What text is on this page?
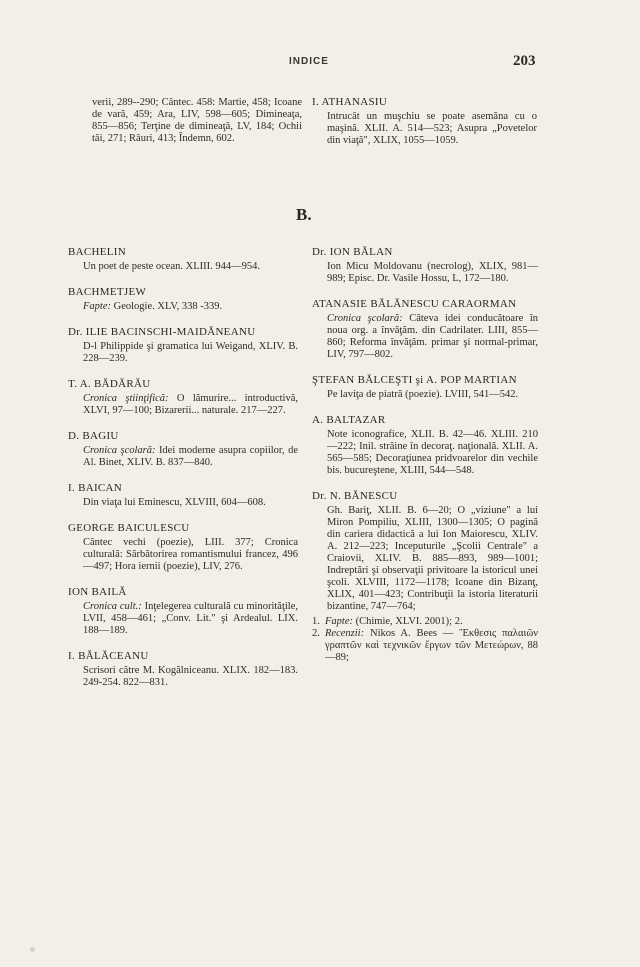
INDICE	203
verii, 289--290; Cântec. 458: Martie, 458; Icoane de vară, 459; Ara, LIV, 598—605; Dimineaţa, 855—856; Terţine de dimineaţă, LV, 184; Ochii tăi, 271; Râuri, 413; Îndemn, 602.
I. ATHANASIU
Intrucât un muşchiu se poate asemăna cu o maşină. XLII. A. 514—523; Asupra „Povetelor din viaţă", XLIX, 1055—1059.
B.
BACHELIN
Un poet de peste ocean. XLIII. 944—954.
BACHMETJEW
Fapte: Geologie. XLV, 338 -339.
Dr. ILIE BACINSCHI-MAIDĂNEANU
D-l Philippide şi gramatica lui Weigand, XLIV. B. 228—239.
T. A. BĂDĂRĂU
Cronica ştiinţifică: O lămurire... introductivă, XLVI, 97—100; Bizarerii... naturale. 217—227.
D. BAGIU
Cronica şcolară: Idei moderne asupra copiilor, de Al. Binet, XLIV. B. 837—840.
I. BAICAN
Din viaţa lui Eminescu, XLVIII, 604—608.
GEORGE BAICULESCU
Cântec vechi (poezie), LIII. 377; Cronica culturală: Sărbătorirea romantismului francez, 496—497; Hora iernii (poezie), LIV, 276.
ION BAILĂ
Cronica cult.: Inţelegerea culturală cu minorităţile, LVII, 458—461; „Conv. Lit." şi Ardealul. LIX. 188—189.
I. BĂLĂCEANU
Scrisori către M. Kogălniceanu. XLIX. 182—183. 249-254. 822—831.
Dr. ION BĂLAN
Ion Micu Moldovanu (necrolog), XLIX, 981—989; Episc. Dr. Vasile Hossu, L, 172—180.
ATANASIE BĂLĂNESCU CARAORMAN
Cronica şcolară: Câteva idei conducătoare în noua org. a învăţăm. din Cadrilater. LIII, 855—860; Reforma învăţăm. primar şi normal-primar, LIV, 797—802.
ŞTEFAN BĂLCEŞTI şi A. POP MARTIAN
Pe laviţa de piatră (poezie). LVIII, 541—542.
A. BALTAZAR
Note iconografice, XLII. B. 42—46. XLIII. 210—222; Inil. străine în decoraţ. naţională. XLII. A. 565—585; Decoraţiunea pridvoarelor din vechile bis. bucureştene, XLIII, 544—548.
Dr. N. BĂNESCU
Gh. Bariţ, XLII. B. 6—20; O „viziune" a lui Miron Pompiliu, XLIII, 1300—1305; O pagină din cariera didactică a lui Ion Maiorescu, XLIV. A. 212—223; Inceputurile „Şcolii Centrale" a Craiovii, XLIV. B. 885—893, 989—1001; Indreptări şi observaţii privitoare la istoricul unei şcoli. XLVIII, 1172—1178; Icoane din Bizanţ, XLIX, 401—423; Contribuţii la istoria literaturii bizantine, 747—764;
1. Fapte: (Chimie, XLVI. 2001); 2.
2. Recenzii: Nikos A. Bees — Ἔκθεσις παλαιῶν γραπτῶν καὶ τεχνικῶν ἔργων τῶν Μετεώρων, 88—89;
